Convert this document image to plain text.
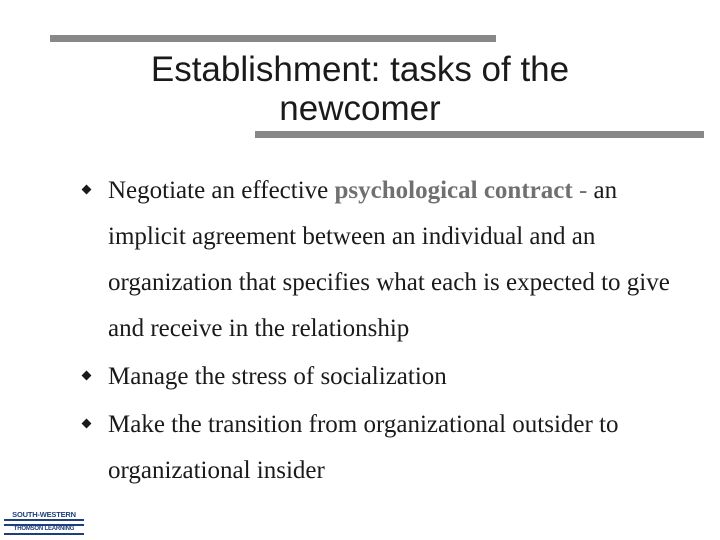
Establishment: tasks of the
newcomer
Negotiate an effective psychological contract - an implicit agreement between an individual and an organization that specifies what each is expected to give and receive in the relationship
Manage the stress of socialization
Make the transition from organizational outsider to organizational insider
SOUTH-WESTERN
THOMSON LEARNING
